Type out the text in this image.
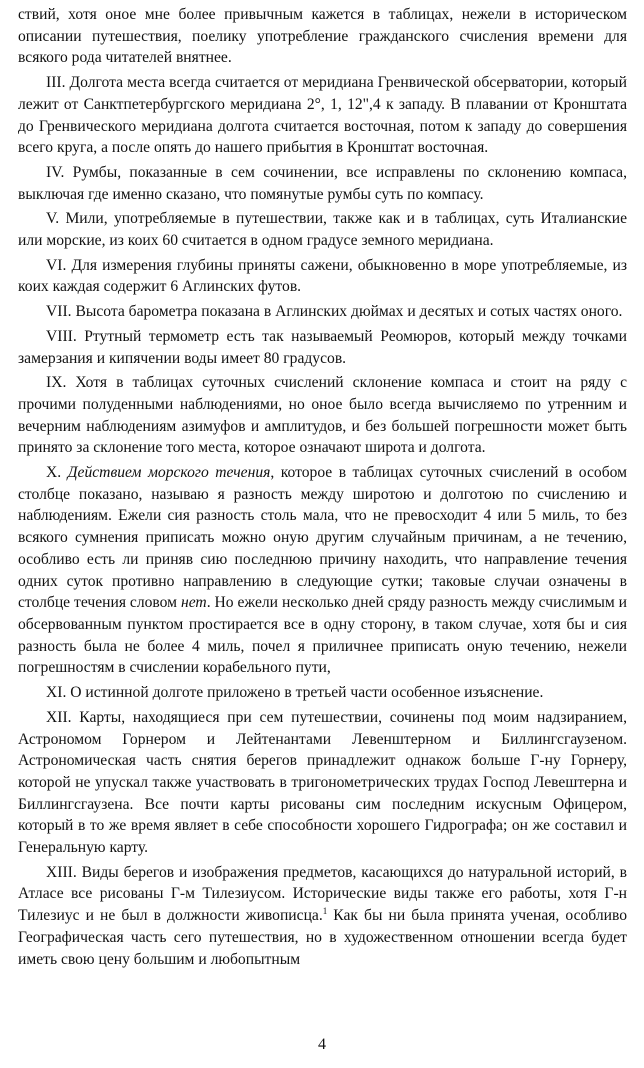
ствий, хотя оное мне более привычным кажется в таблицах, нежели в историческом описании путешествия, поелику употребление гражданского счисления времени для всякого рода читателей внятнее.

III. Долгота места всегда считается от меридиана Гренвической обсерватории, который лежит от Санктпетербургского меридиана 2°, 1, 12",4 к западу. В плавании от Кронштата до Гренвического меридиана долгота считается восточная, потом к западу до совершения всего круга, а после опять до нашего прибытия в Кронштат восточная.

IV. Румбы, показанные в сем сочинении, все исправлены по склонению компаса, выключая где именно сказано, что помянутые румбы суть по компасу.

V. Мили, употребляемые в путешествии, также как и в таблицах, суть Италианские или морские, из коих 60 считается в одном градусе земного меридиана.

VI. Для измерения глубины приняты сажени, обыкновенно в море употребляемые, из коих каждая содержит 6 Аглинских футов.

VII. Высота барометра показана в Аглинских дюймах и десятых и сотых частях оного.

VIII. Ртутный термометр есть так называемый Реомюров, который между точками замерзания и кипячении воды имеет 80 градусов.

IX. Хотя в таблицах суточных счислений склонение компаса и стоит на ряду с прочими полуденными наблюдениями, но оное было всегда вычисляемо по утренним и вечерним наблюдениям азимуфов и амплитудов, и без большей погрешности может быть принято за склонение того места, которое означают широта и долгота.

X. Действием морского течения, которое в таблицах суточных счислений в особом столбце показано, называю я разность между широтою и долготою по счислению и наблюдениям. Ежели сия разность столь мала, что не превосходит 4 или 5 миль, то без всякого сумнения приписать можно оную другим случайным причинам, а не течению, особливо есть ли приняв сию последнюю причину находить, что направление течения одних суток противно направлению в следующие сутки; таковые случаи означены в столбце течения словом нет. Но ежели несколько дней сряду разность между счислимым и обсервованным пунктом простирается все в одну сторону, в таком случае, хотя бы и сия разность была не более 4 миль, почел я приличнее приписать оную течению, нежели погрешностям в счислении корабельного пути,

XI. О истинной долготе приложено в третьей части особенное изъяснение.

XII. Карты, находящиеся при сем путешествии, сочинены под моим надзиранием, Астрономом Горнером и Лейтенантами Левенштерном и Биллингсгаузеном. Астрономическая часть снятия берегов принадлежит однакож больше Г-ну Горнеру, которой не упускал также участвовать в тригонометрических трудах Господ Левештерна и Биллингсгаузена. Все почти карты рисованы сим последним искусным Офицером, который в то же время являет в себе способности хорошего Гидрографа; он же составил и Генеральную карту.

XIII. Виды берегов и изображения предметов, касающихся до натуральной историй, в Атласе все рисованы Г-м Тилезиусом. Исторические виды также его работы, хотя Г-н Тилезиус и не был в должности живописца.$^1$ Как бы ни была принята ученая, особливо Географическая часть сего путешествия, но в художественном отношении всегда будет иметь свою цену большим и любопытным

4
